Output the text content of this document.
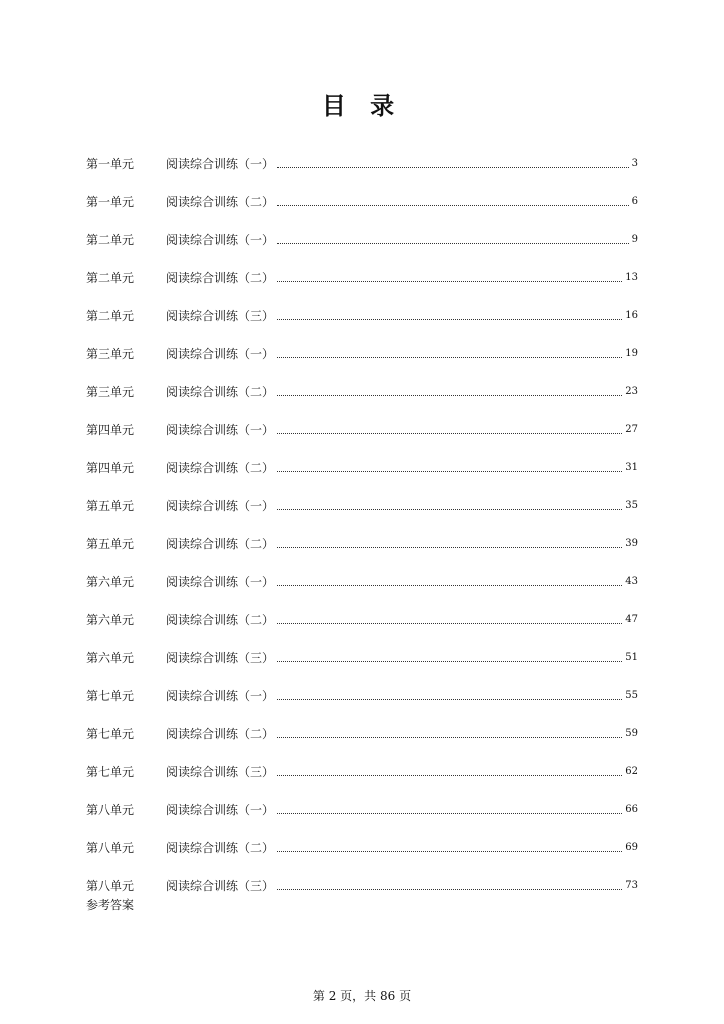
目 录
第一单元	阅读综合训练（一）	3
第一单元	阅读综合训练（二）	6
第二单元	阅读综合训练（一）	9
第二单元	阅读综合训练（二）	13
第二单元	阅读综合训练（三）	16
第三单元	阅读综合训练（一）	19
第三单元	阅读综合训练（二）	23
第四单元	阅读综合训练（一）	27
第四单元	阅读综合训练（二）	31
第五单元	阅读综合训练（一）	35
第五单元	阅读综合训练（二）	39
第六单元	阅读综合训练（一）	43
第六单元	阅读综合训练（二）	47
第六单元	阅读综合训练（三）	51
第七单元	阅读综合训练（一）	55
第七单元	阅读综合训练（二）	59
第七单元	阅读综合训练（三）	62
第八单元	阅读综合训练（一）	66
第八单元	阅读综合训练（二）	69
第八单元	阅读综合训练（三）	73
参考答案
第 2 页，共 86 页
